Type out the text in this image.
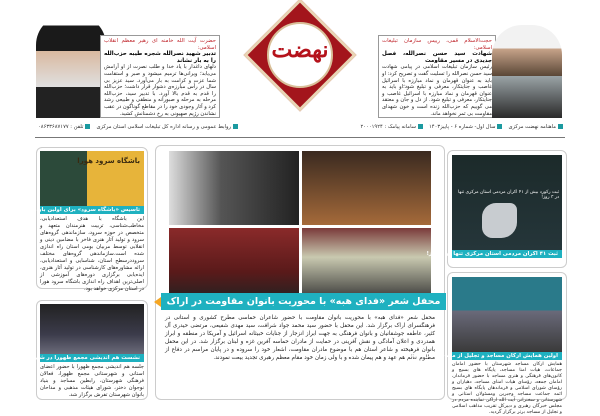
حضرت آیت الله خامنه ای رهبر معظم انقلاب اسلامی:
تدبیر شهید نصرالله شجره طیبه حزب‌الله را به بار نشاند
دلهای داغدار با یاد خدا و طلب نصرت از او آرامش می‌یابد؛ ویرانی‌ها ترمیم میشود و صبر و استقامت شما عزت و کرامت به بار می‌آورد. سید عزیز بی سال در رأس مبارزه‌ی دشوار قرار داشت؛ حزب‌الله را قدم به قدم بالا آورد. با تدبیر سید، حزب‌الله مرحله به مرحله و صبورانه و منطقی و طبیعی رشد کرد و آثار وجودی خود را در مقاطع گوناگون در عقب نشاندن رژیم صهیونی به رخ دشمنانش کشید.
نهضت	حجت‌الاسلام قمی، رییس سازمان تبلیغات اسلامی:
شهادت سید حسن نصرالله، فصل جدیدی در مسیر مقاومت
رئیس سازمان تبلیغات اسلامی در پیامی شهادت سید حسن نصرالله را تسلیت گفت و تصریح کرد: او باید به عنوان قهرمان و نماد مبارزه با اسرائیل غاصب و جنایتکار، معرفی و تبلیغ شود؛او باید به عنوان قهرمان و نماد مبارزه با اسرائیل غاصب و جنایتکار، معرفی و تبلیغ شود. از دل و جان و معتقد می گوییم که حزب‌الله زنده است و خون شهدای مقاومت بی ثمر نخواهد ماند.
ماهنامه نهضت مرکزی
سال اول- شماره ۶ - پاییز۱۴۰۳
سامانه پیامک : ۲۰۰۰۱۹۲۴
روابط عمومی و رسانه اداره کل تبلیغات اسلامی استان مرکزی
تلفن : ۰۸۶۳۳۶۸۷۱۷۷
باشگاه سرود هورا
تاسیس «باشگاه سرود» برای اولین بار در کشور
این باشگاه با هدف استعدادیابی، مخاطب‌شناسی، تربیت هنرمندان متعهد و متخصص در حوزه سرود، سازماندهی گروه‌های سرود و تولید آثار هنری فاخر با مضامین دینی و انقلابی توسط مربیان بومی استان راه اندازی شده است.سازماندهی گروه‌های مختلف سرود‌درسطح استان، شناسایی و استعدادیابی، ارائه مشاوره‌های کارشناسی در تولید آثار هنری، ایده‌یابی برگزاری دوره‌های آموزشی از اصلی‌ترین اهداف راه اندازی باشگاه سرود هورا در استان مرکزی خواهد بود.
نشست هم اندیشی مجمع ظهورا در شهرستان تفرش
جلسه هم اندیشی مجمع ظهورا با حضور اعضای استانی و شهرستانی مجمع ظهورا، فعالان فرهنگی شهرستان، رابطین مساجد و بنیاد نوجوان دختر، شورای هیئات مذهبی و مداحان بانوان شهرستان تفرش برگزار شد.
محفل شعر «فدای هبه» با محوریت بانوان مقاومت در اراک
محفل شعر «فدای هبه» با محوریت بانوان مقاومت با حضور شاعران حماسی مطرح کشوری و استانی در فرهنگسرای اراک برگزار شد. این محفل با حضور سید محمد جواد شرافت، سید مهدی شفیعی، مرتضی حیدری آل کثیر، عاطفه جوشقانیان و بانوان فرهنگی به جهت ابراز انزجار از جنایات خبیثانه اسرائیل و آمریکا در منطقه و ابراز همدردی و اعلان آمادگی و نقش آفرینی در حمایت از مادران حماسه آفرین غزه و لبنان برگزار شد. در این محفل بانوان فرهیخته و شاعر استان هم با موضوع مادران مقاومت، اشعار خود را سروده و در پایان مراسم در دفاع از مظلوم عالم هم عهد و هم پیمان شده و با ولی زمان خود مقام معظم رهبری تجدید بیعت نمودند.
ثبت رکورد بیش از ۴۱ اکران مردمی استان مرکزی تنها در ۳ روز!
ثبت ۴۱ اکران مردمی استان مرکزی تنها در ۳ روز!
اولین همایش ارکان مساجد و تجلیل از مساجد برتر کمیجان
همایش ارکان مساجد شهرستان با حضور امامان جماعات، هیات امنا مساجد، پایگاه های بسیج و کانون‌های فرهنگی و هنری مساجد با حضور فرماندار، امامان جمعه، رؤسای هیات امنای مساجد، دهیاران و رؤسای شورای اسلامی و فرماندهان پایگاه های بسیج ائمه جماعت مساجد وجبرین ومسئولان استانی و شهرستانی و سخنرانی آیت الله اراکی نماینده مردم در مجلس خبرگان رهبری و دبیرکل تقریب مذاهب اسلامی و تجلیل از مساجد برتر برگزار گردید.
